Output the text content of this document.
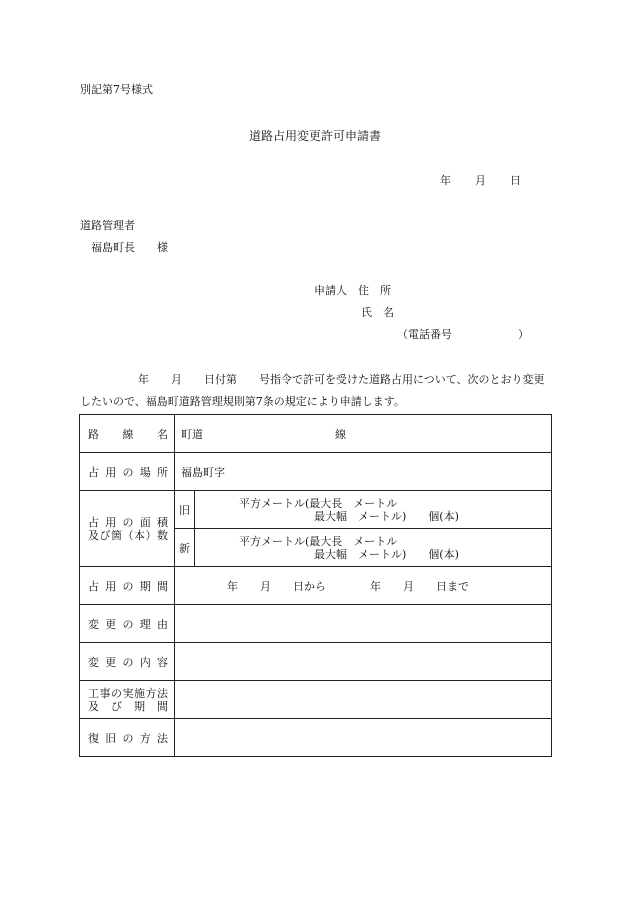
別記第7号様式
道路占用変更許可申請書
年 月 日
道路管理者
福島町長　　様
申請人　住　所
氏　名
（電話番号　　　　　　）
年　　月　　日付第　　号指令で許可を受けた道路占用について、次のとおり変更したいので、福島町道路管理規則第7条の規定により申請します。
路　線　名	町道 線	
占用の場所	福島町字	

占用の面積
及び箇（本）数	旧	平方メートル(最大長　メートル
最大幅　メートル)　　個(本)

	新	平方メートル(最大長　メートル
最大幅　メートル)　　個(本)

占用の期間	年　　月　　日から　　　　年　　月　　日まで	
変更の理由		
変更の内容		

工事の実施方法
及び期間		

復旧の方法		
